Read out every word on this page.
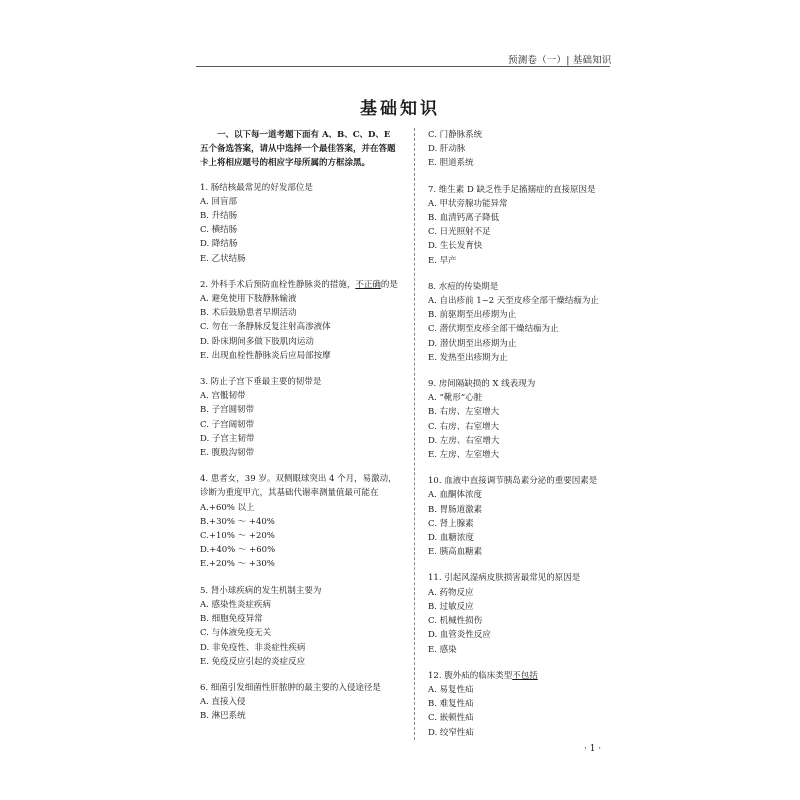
预测卷（一）| 基础知识
基础知识
一、以下每一道考题下面有 A、B、C、D、E 五个备选答案，请从中选择一个最佳答案，并在答题卡上将相应题号的相应字母所属的方框涂黑。

1. 肠结核最常见的好发部位是

A. 回盲部

B. 升结肠

C. 横结肠

D. 降结肠

E. 乙状结肠

2. 外科手术后预防血栓性静脉炎的措施，不正确的是

A. 避免使用下肢静脉输液

B. 术后鼓励患者早期活动

C. 勿在一条静脉反复注射高渗液体

D. 卧床期间多做下肢肌肉运动

E. 出现血栓性静脉炎后应局部按摩

3. 防止子宫下垂最主要的韧带是

A. 宫骶韧带

B. 子宫圆韧带

C. 子宫阔韧带

D. 子宫主韧带

E. 腹股沟韧带

4. 患者女，39 岁。双侧眼球突出 4 个月，易激动，诊断为重度甲亢，其基础代谢率测量值最可能在

A.+60% 以上

B.+30% ～ +40%

C.+10% ～ +20%

D.+40% ～ +60%

E.+20% ～ +30%

5. 肾小球疾病的发生机制主要为

A. 感染性炎症疾病

B. 细胞免疫异常

C. 与体液免疫无关

D. 非免疫性、非炎症性疾病

E. 免疫反应引起的炎症反应

6. 细菌引发细菌性肝脓肿的最主要的入侵途径是

A. 直接入侵

B. 淋巴系统

C. 门静脉系统

D. 肝动脉

E. 胆道系统

7. 维生素 D 缺乏性手足搐搦症的直接原因是

A. 甲状旁腺功能异常

B. 血清钙离子降低

C. 日光照射不足

D. 生长发育快

E. 早产

8. 水痘的传染期是

A. 自出疹前 1~2 天至皮疹全部干燥结痂为止

B. 前驱期至出疹期为止

C. 潜伏期至皮疹全部干燥结痂为止

D. 潜伏期至出疹期为止

E. 发热至出疹期为止

9. 房间隔缺损的 X 线表现为

A. “靴形”心脏

B. 右房、左室增大

C. 右房、右室增大

D. 左房、右室增大

E. 左房、左室增大

10. 血液中直接调节胰岛素分泌的重要因素是

A. 血酮体浓度

B. 胃肠道激素

C. 肾上腺素

D. 血糖浓度

E. 胰高血糖素

11. 引起风湿病皮肤损害最常见的原因是

A. 药物反应

B. 过敏反应

C. 机械性损伤

D. 血管炎性反应

E. 感染

12. 腹外疝的临床类型不包括

A. 易复性疝

B. 难复性疝

C. 嵌顿性疝

D. 绞窄性疝

· 1 ·
